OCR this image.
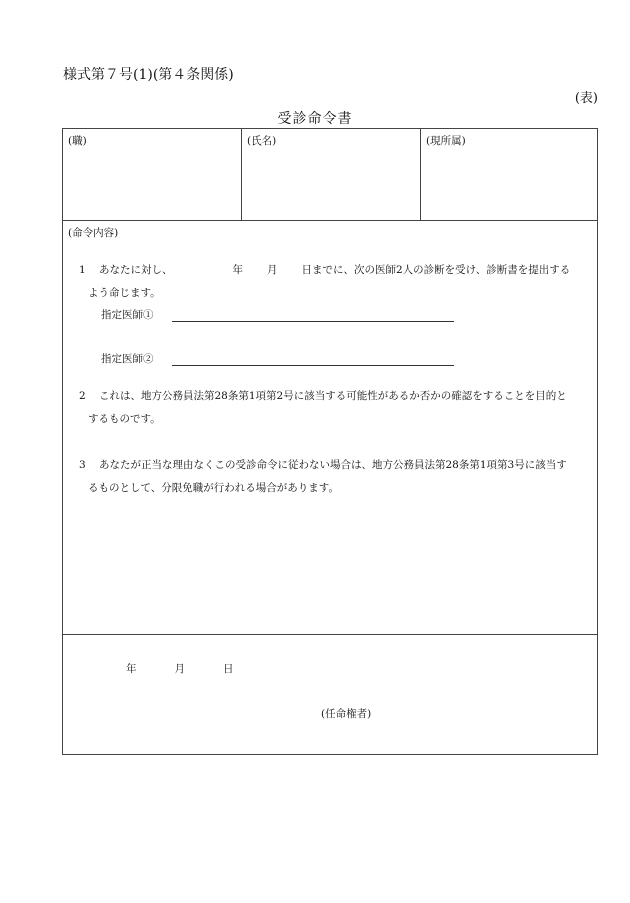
様式第７号(1)(第４条関係)
(表)
受診命令書
(職)	(氏名)	(現所属)
(命令内容)
1 あなたに対し、	年 月 日までに、次の医師2人の診断を受け、診断書を提出する
よう命じます。
指定医師①
指定医師②
2 これは、地方公務員法第28条第1項第2号に該当する可能性があるか否かの確認をすることを目的と
するものです。
3 あなたが正当な理由なくこの受診命令に従わない場合は、地方公務員法第28条第1項第3号に該当す
るものとして、分限免職が行われる場合があります。
年	月	日
(任命権者)
